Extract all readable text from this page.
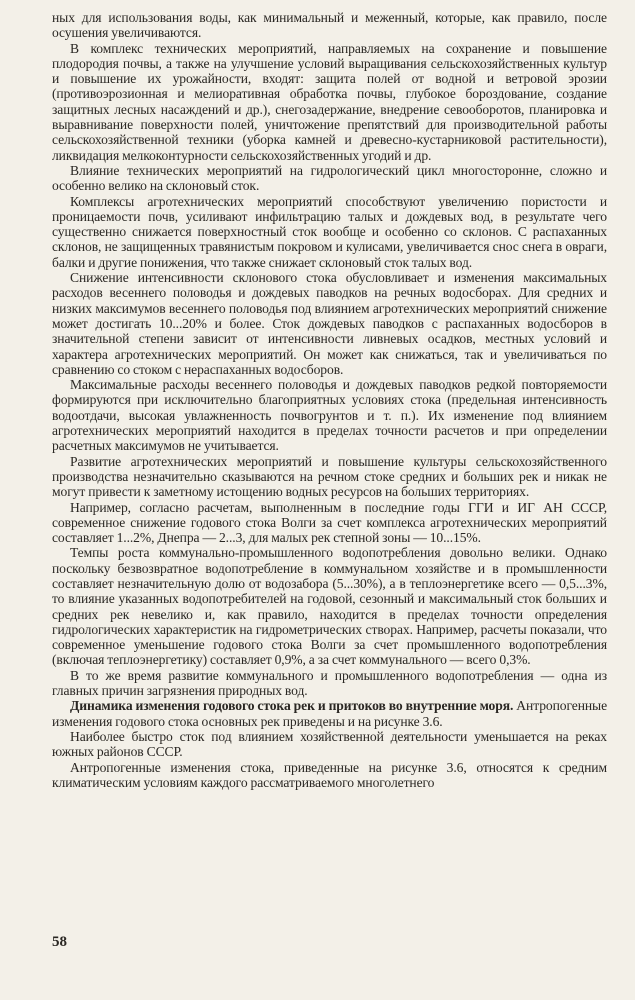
ных для использования воды, как минимальный и меженный, которые, как правило, после осушения увеличиваются.

В комплекс технических мероприятий, направляемых на сохранение и повышение плодородия почвы, а также на улучшение условий выращивания сельскохозяйственных культур и повышение их урожайности, входят: защита полей от водной и ветровой эрозии (противоэрозионная и мелиоративная обработка почвы, глубокое бороздование, создание защитных лесных насаждений и др.), снегозадержание, внедрение севооборотов, планировка и выравнивание поверхности полей, уничтожение препятствий для производительной работы сельскохозяйственной техники (уборка камней и древесно-кустарниковой растительности), ликвидация мелкоконтурности сельскохозяйственных угодий и др.

Влияние технических мероприятий на гидрологический цикл многосторонне, сложно и особенно велико на склоновый сток.

Комплексы агротехнических мероприятий способствуют увеличению пористости и проницаемости почв, усиливают инфильтрацию талых и дождевых вод, в результате чего существенно снижается поверхностный сток вообще и особенно со склонов. С распаханных склонов, не защищенных травянистым покровом и кулисами, увеличивается снос снега в овраги, балки и другие понижения, что также снижает склоновый сток талых вод.

Снижение интенсивности склонового стока обусловливает и изменения максимальных расходов весеннего половодья и дождевых паводков на речных водосборах. Для средних и низких максимумов весеннего половодья под влиянием агротехнических мероприятий снижение может достигать 10...20% и более. Сток дождевых паводков с распаханных водосборов в значительной степени зависит от интенсивности ливневых осадков, местных условий и характера агротехнических мероприятий. Он может как снижаться, так и увеличиваться по сравнению со стоком с нераспаханных водосборов.

Максимальные расходы весеннего половодья и дождевых паводков редкой повторяемости формируются при исключительно благоприятных условиях стока (предельная интенсивность водоотдачи, высокая увлажненность почвогрунтов и т. п.). Их изменение под влиянием агротехнических мероприятий находится в пределах точности расчетов и при определении расчетных максимумов не учитывается.

Развитие агротехнических мероприятий и повышение культуры сельскохозяйственного производства незначительно сказываются на речном стоке средних и больших рек и никак не могут привести к заметному истощению водных ресурсов на больших территориях.

Например, согласно расчетам, выполненным в последние годы ГГИ и ИГ АН СССР, современное снижение годового стока Волги за счет комплекса агротехнических мероприятий составляет 1...2%, Днепра — 2...3, для малых рек степной зоны — 10...15%.

Темпы роста коммунально-промышленного водопотребления довольно велики. Однако поскольку безвозвратное водопотребление в коммунальном хозяйстве и в промышленности составляет незначительную долю от водозабора (5...30%), а в теплоэнергетике всего — 0,5...3%, то влияние указанных водопотребителей на годовой, сезонный и максимальный сток больших и средних рек невелико и, как правило, находится в пределах точности определения гидрологических характеристик на гидрометрических створах. Например, расчеты показали, что современное уменьшение годового стока Волги за счет промышленного водопотребления (включая теплоэнергетику) составляет 0,9%, а за счет коммунального — всего 0,3%.

В то же время развитие коммунального и промышленного водопотребления — одна из главных причин загрязнения природных вод.

Динамика изменения годового стока рек и притоков во внутренние моря. Антропогенные изменения годового стока основных рек приведены и на рисунке 3.6.

Наиболее быстро сток под влиянием хозяйственной деятельности уменьшается на реках южных районов СССР.

Антропогенные изменения стока, приведенные на рисунке 3.6, относятся к средним климатическим условиям каждого рассматриваемого многолетнего

58
